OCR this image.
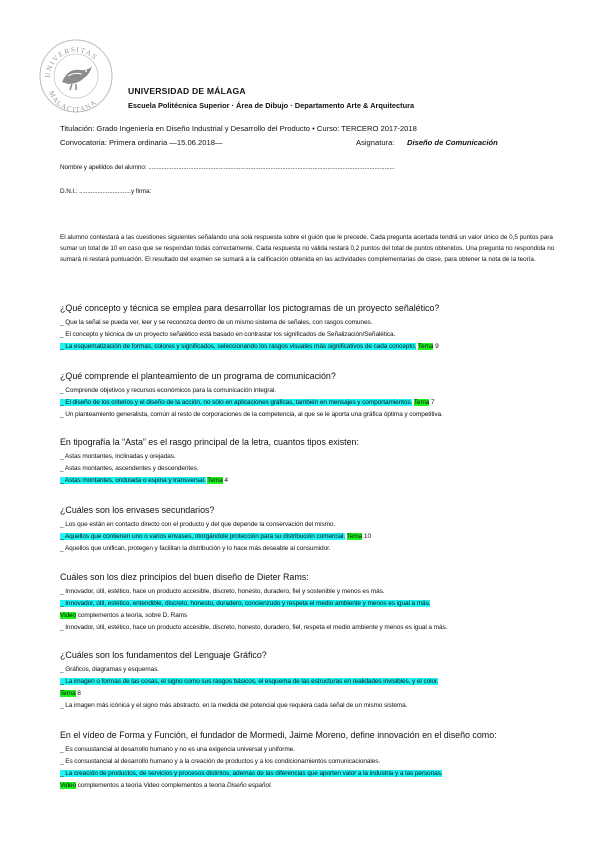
UNIVERSITAS
MALACITANA
UNIVERSIDAD DE MÁLAGA
Escuela Politécnica Superior · Área de Dibujo · Departamento Arte & Arquitectura
Titulación: Grado Ingeniería en Diseño Industrial y Desarrollo del Producto • Curso: TERCERO 2017-2018
Convocatoria: Primera ordinaria —15.06.2018—	Asignatura: Diseño de Comunicación
Nombre y apellidos del alumno: ...................................................................................................................................................
D.N.I.: ...............................y firma:
El alumno contestará a las cuestiones siguientes señalando una sola respuesta sobre el guión que le precede. Cada pregunta acertada tendrá un valor único de 0,5 puntos para sumar un total de 10 en caso que se respondan todas correctamente. Cada respuesta no válida restará 0,2 puntos del total de puntos obtenidos. Una pregunta no respondida no sumará ni restará puntuación. El resultado del examen se sumará a la calificación obtenida en las actividades complementarias de clase, para obtener la nota de la teoría.
¿Qué concepto y técnica se emplea para desarrollar los pictogramas de un proyecto señalético?
_ Que la señal se pueda ver, leer y se reconozca dentro de un mismo sistema de señales, con rasgos comunes.
_ El concepto y técnica de un proyecto señalético está basado en contrastar los significados de Señalización/Señalética.
_ La esquematización de formas, colores y significados, seleccionando los rasgos visuales más significativos de cada concepto. Tema 9
¿Qué comprende el planteamiento de un programa de comunicación?
_ Comprende objetivos y recursos económicos para la comunicación integral.
_ El diseño de los criterios y el diseño de la acción, no sólo en aplicaciones gráficas, también en mensajes y comportamientos. Tema 7
_ Un planteamiento generalista, común al resto de corporaciones de la competencia, al que se le aporta una gráfica óptima y competitiva.
En tipografía la “Asta” es el rasgo principal de la letra, cuantos tipos existen:
_ Astas montantes, inclinadas y orejadas.
_ Astas montantes, ascendentes y descendentes.
_ Astas montantes, ondulada o espina y transversal. Tema 4
¿Cuáles son los envases secundarios?
_ Los que están en contacto directo con el producto y del que depende la conservación del mismo.
_ Aquellos que contienen uno o varios envases, otorgándole protección para su distribución comercial. Tema 10
_ Aquellos que unifican, protegen y facilitan la distribución y lo hace más deseable al consumidor.
Cuáles son los diez principios del buen diseño de Dieter Rams:
_ Innovador, útil, estético, hace un producto accesible, discreto, honesto, duradero, fiel y sostenible y menos es más.
_ Innovador, útil, estético, entendible, discreto, honesto, duradero, concienzudo y respeta el medio ambiente y menos es igual a más.
Video complementos a teoría, sobre D. Rams
_ Innovador, útil, estético, hace un producto accesible, discreto, honesto, duradero, fiel, respeta el medio ambiente y menos es igual a más.
¿Cuáles son los fundamentos del Lenguaje Gráfico?
_ Gráficos, diagramas y esquemas.
_ La imagen o formas de las cosas, el signo como sus rasgos básicos, el esquema de las estructuras en realidades invisibles, y el color.
Tema 8
_ La imagen más icónica y el signo más abstracto, en la medida del potencial que requiera cada señal de un mismo sistema.
En el vídeo de Forma y Función, el fundador de Mormedi, Jaime Moreno, define innovación en el diseño como:
_ Es consustancial al desarrollo humano y no es una exigencia universal y uniforme.
_ Es consustancial al desarrollo humano y a la creación de productos y a los condicionamientos comunicacionales.
_ La creación de productos, de servicios y procesos distintos, además de las diferencias que aporten valor a la industria y a las personas.
Video complementos a teoría Video complementos a teoría Diseño español.
